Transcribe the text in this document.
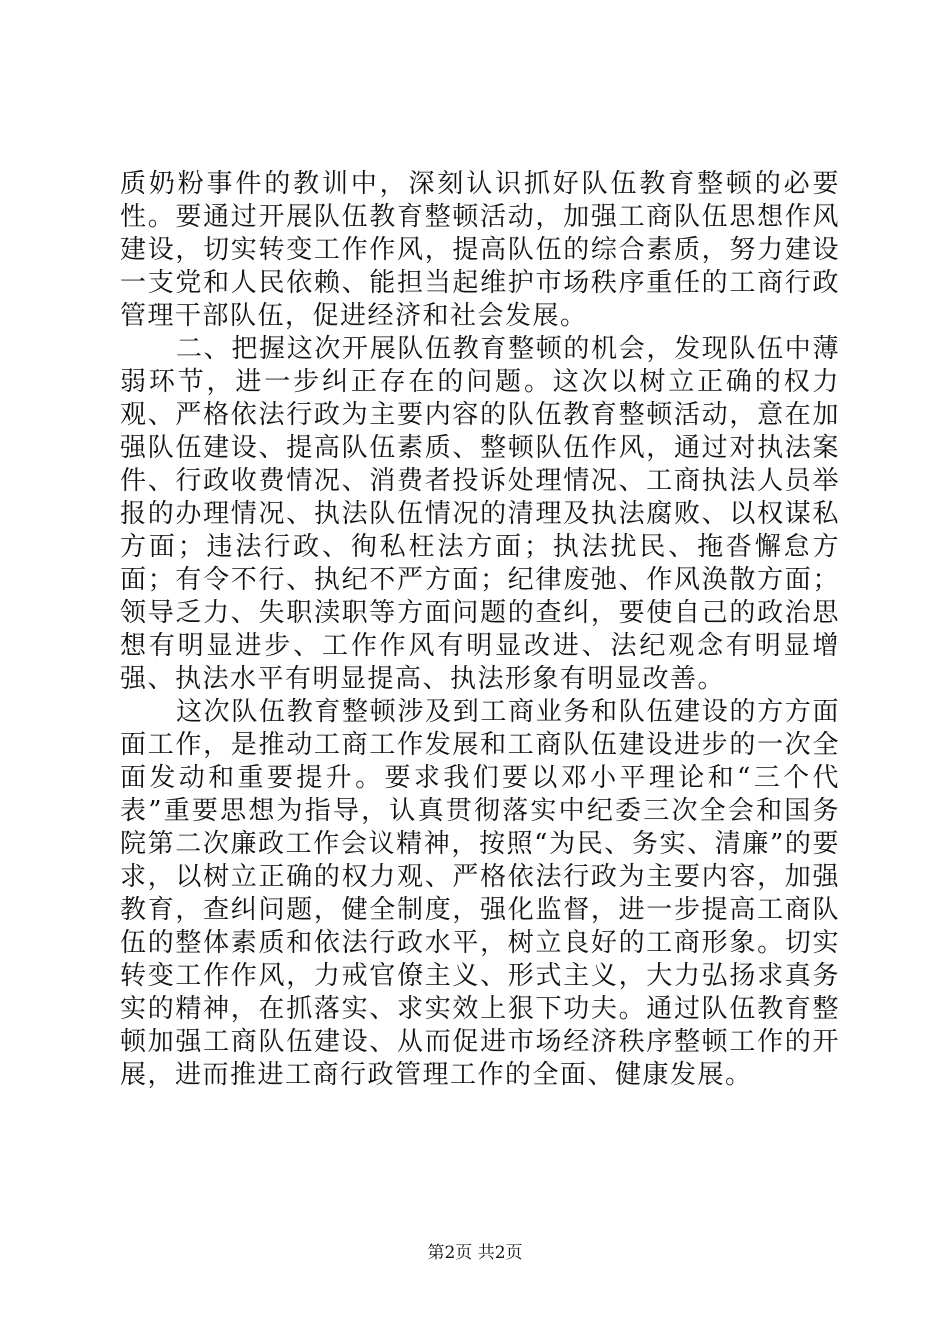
质奶粉事件的教训中，深刻认识抓好队伍教育整顿的必要性。要通过开展队伍教育整顿活动，加强工商队伍思想作风建设，切实转变工作作风，提高队伍的综合素质，努力建设一支党和人民依赖、能担当起维护市场秩序重任的工商行政管理干部队伍，促进经济和社会发展。

二、把握这次开展队伍教育整顿的机会，发现队伍中薄弱环节，进一步纠正存在的问题。这次以树立正确的权力观、严格依法行政为主要内容的队伍教育整顿活动，意在加强队伍建设、提高队伍素质、整顿队伍作风，通过对执法案件、行政收费情况、消费者投诉处理情况、工商执法人员举报的办理情况、执法队伍情况的清理及执法腐败、以权谋私方面；违法行政、徇私枉法方面；执法扰民、拖沓懈怠方面；有令不行、执纪不严方面；纪律废弛、作风涣散方面；领导乏力、失职渎职等方面问题的查纠，要使自己的政治思想有明显进步、工作作风有明显改进、法纪观念有明显增强、执法水平有明显提高、执法形象有明显改善。

这次队伍教育整顿涉及到工商业务和队伍建设的方方面面工作，是推动工商工作发展和工商队伍建设进步的一次全面发动和重要提升。要求我们要以邓小平理论和“三个代表”重要思想为指导，认真贯彻落实中纪委三次全会和国务院第二次廉政工作会议精神，按照“为民、务实、清廉”的要求，以树立正确的权力观、严格依法行政为主要内容，加强教育，查纠问题，健全制度，强化监督，进一步提高工商队伍的整体素质和依法行政水平，树立良好的工商形象。切实转变工作作风，力戒官僚主义、形式主义，大力弘扬求真务实的精神，在抓落实、求实效上狠下功夫。通过队伍教育整顿加强工商队伍建设、从而促进市场经济秩序整顿工作的开展，进而推进工商行政管理工作的全面、健康发展。

第2页 共2页
